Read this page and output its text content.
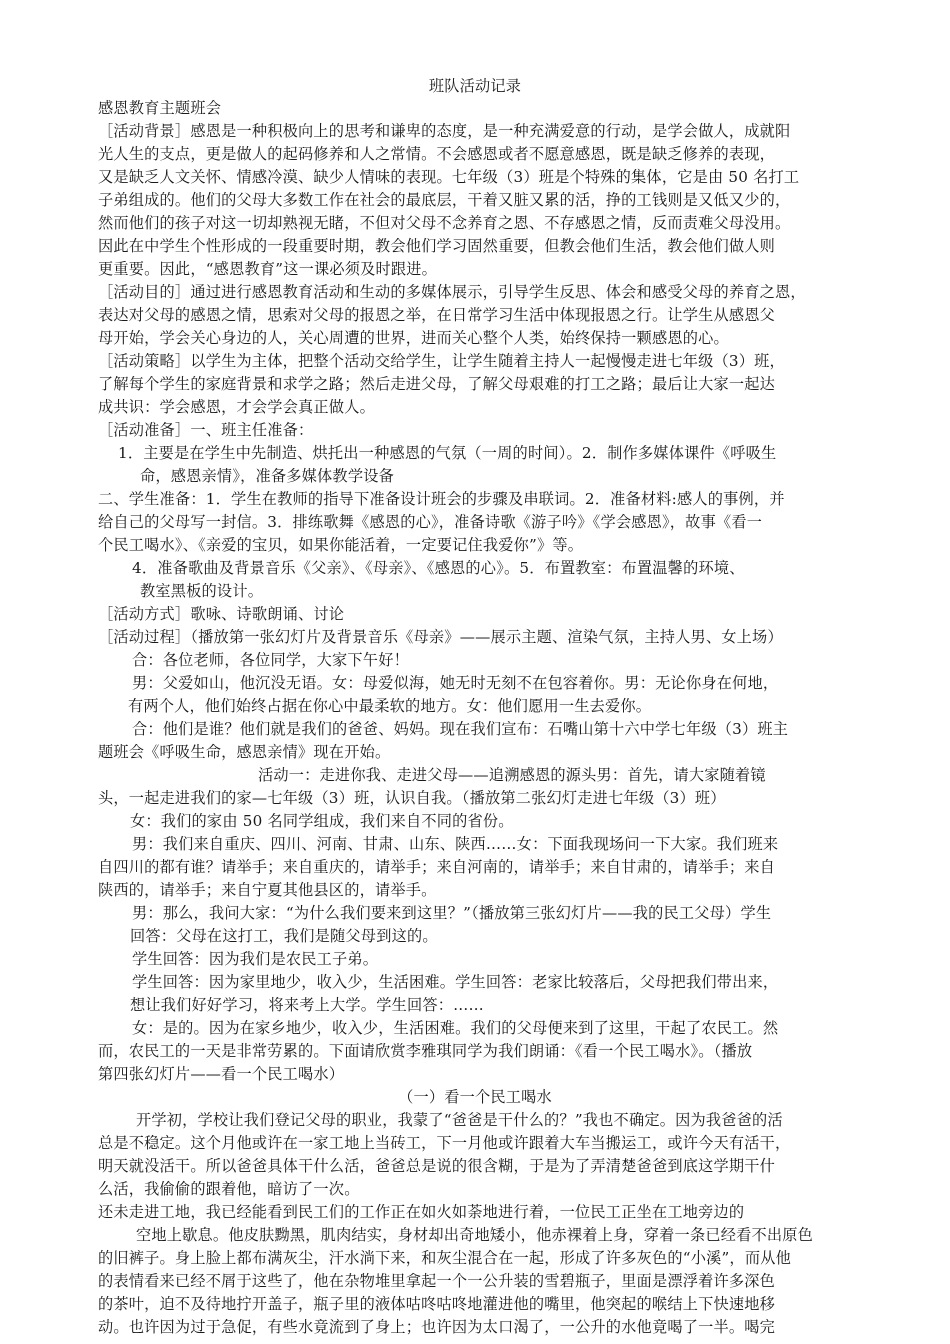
班队活动记录
感恩教育主题班会
［活动背景］感恩是一种积极向上的思考和谦卑的态度，是一种充满爱意的行动，是学会做人，成就阳
光人生的支点，更是做人的起码修养和人之常情。不会感恩或者不愿意感恩，既是缺乏修养的表现，
又是缺乏人文关怀、情感冷漠、缺少人情味的表现。七年级（3）班是个特殊的集体，它是由 50 名打工
子弟组成的。他们的父母大多数工作在社会的最底层，干着又脏又累的活，挣的工钱则是又低又少的，
然而他们的孩子对这一切却熟视无睹，不但对父母不念养育之恩、不存感恩之情，反而责难父母没用。
因此在中学生个性形成的一段重要时期，教会他们学习固然重要，但教会他们生活，教会他们做人则
更重要。因此，“感恩教育”这一课必须及时跟进。
［活动目的］通过进行感恩教育活动和生动的多媒体展示，引导学生反思、体会和感受父母的养育之恩，
表达对父母的感恩之情，思索对父母的报恩之举，在日常学习生活中体现报恩之行。让学生从感恩父
母开始，学会关心身边的人，关心周遭的世界，进而关心整个人类，始终保持一颗感恩的心。
［活动策略］以学生为主体，把整个活动交给学生，让学生随着主持人一起慢慢走进七年级（3）班，
了解每个学生的家庭背景和求学之路；然后走进父母，了解父母艰难的打工之路；最后让大家一起达
成共识：学会感恩，才会学会真正做人。
［活动准备］一、班主任准备：
1．主要是在学生中先制造、烘托出一种感恩的气氛（一周的时间）。2．制作多媒体课件《呼吸生
命，感恩亲情》，准备多媒体教学设备
二、学生准备：1．学生在教师的指导下准备设计班会的步骤及串联词。2．准备材料:感人的事例，并
给自己的父母写一封信。3．排练歌舞《感恩的心》，准备诗歌《游子吟》《学会感恩》，故事《看一
个民工喝水》、《亲爱的宝贝，如果你能活着，一定要记住我爱你”》等。
4．准备歌曲及背景音乐《父亲》、《母亲》、《感恩的心》。5．布置教室：布置温馨的环境、
教室黑板的设计。
［活动方式］歌咏、诗歌朗诵、讨论
［活动过程］（播放第一张幻灯片及背景音乐《母亲》——展示主题、渲染气氛，主持人男、女上场）
合：各位老师，各位同学，大家下午好！
男：父爱如山，他沉没无语。女：母爱似海，她无时无刻不在包容着你。男：无论你身在何地，
有两个人，他们始终占据在你心中最柔软的地方。女：他们愿用一生去爱你。
合：他们是谁？他们就是我们的爸爸、妈妈。现在我们宣布：石嘴山第十六中学七年级（3）班主
题班会《呼吸生命，感恩亲情》现在开始。
活动一：走进你我、走进父母——追溯感恩的源头男：首先，请大家随着镜
头，一起走进我们的家—七年级（3）班，认识自我。（播放第二张幻灯走进七年级（3）班）
女：我们的家由 50 名同学组成，我们来自不同的省份。
男：我们来自重庆、四川、河南、甘肃、山东、陕西……女：下面我现场问一下大家。我们班来
自四川的都有谁？请举手；来自重庆的，请举手；来自河南的，请举手；来自甘肃的，请举手；来自
陕西的，请举手；来自宁夏其他县区的，请举手。
男：那么，我问大家：“为什么我们要来到这里？”（播放第三张幻灯片——我的民工父母）学生
回答：父母在这打工，我们是随父母到这的。
学生回答：因为我们是农民工子弟。
学生回答：因为家里地少，收入少，生活困难。学生回答：老家比较落后，父母把我们带出来，
想让我们好好学习，将来考上大学。学生回答：……
女：是的。因为在家乡地少，收入少，生活困难。我们的父母便来到了这里，干起了农民工。然
而，农民工的一天是非常劳累的。下面请欣赏李雅琪同学为我们朗诵：《看一个民工喝水》。（播放
第四张幻灯片——看一个民工喝水）
（一）看一个民工喝水
开学初，学校让我们登记父母的职业，我蒙了“爸爸是干什么的？”我也不确定。因为我爸爸的活
总是不稳定。这个月他或许在一家工地上当砖工，下一月他或许跟着大车当搬运工，或许今天有活干，
明天就没活干。所以爸爸具体干什么活，爸爸总是说的很含糊，于是为了弄清楚爸爸到底这学期干什
么活，我偷偷的跟着他，暗访了一次。
还未走进工地，我已经能看到民工们的工作正在如火如荼地进行着，一位民工正坐在工地旁边的
空地上歇息。他皮肤黝黑，肌肉结实，身材却出奇地矮小，他赤裸着上身，穿着一条已经看不出原色
的旧裤子。身上脸上都布满灰尘，汗水淌下来，和灰尘混合在一起，形成了许多灰色的“小溪”，而从他
的表情看来已经不屑于这些了，他在杂物堆里拿起一个一公升装的雪碧瓶子，里面是漂浮着许多深色
的茶叶，迫不及待地拧开盖子，瓶子里的液体咕咚咕咚地灌进他的嘴里，他突起的喉结上下快速地移
动。也许因为过于急促，有些水竟流到了身上；也许因为太口渴了，一公升的水他竟喝了一半。喝完
